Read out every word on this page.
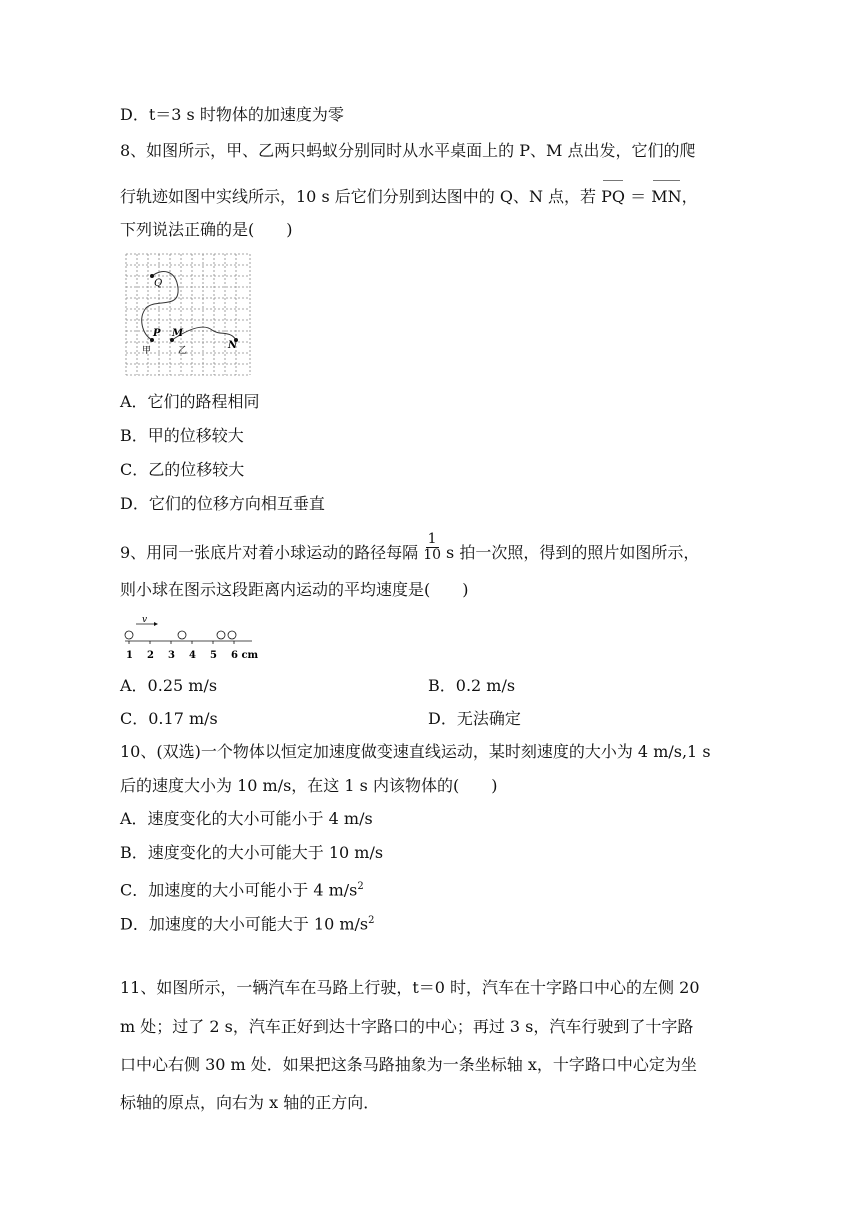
D．t＝3 s 时物体的加速度为零
8、如图所示，甲、乙两只蚂蚁分别同时从水平桌面上的 P、M 点出发，它们的爬
行轨迹如图中实线所示，10 s 后它们分别到达图中的 Q、N 点，若 PQ ＝ MN，
下列说法正确的是(　　)
Q
P M
N
甲	乙
A．它们的路程相同
B．甲的位移较大
C．乙的位移较大
D．它们的位移方向相互垂直
9、用同一张底片对着小球运动的路径每隔 $\frac{1}{10}$ s 拍一次照，得到的照片如图所示，
则小球在图示这段距离内运动的平均速度是(　　)
v
1 2 3 4 5 6 cm
A．0.25 m/s	B．0.2 m/s
C．0.17 m/s	D．无法确定
10、(双选)一个物体以恒定加速度做变速直线运动，某时刻速度的大小为 4 m/s,1 s
后的速度大小为 10 m/s，在这 1 s 内该物体的(　　)
A．速度变化的大小可能小于 4 m/s
B．速度变化的大小可能大于 10 m/s
C．加速度的大小可能小于 4 $m/s^2$
D．加速度的大小可能大于 10 $m/s^2$
11、如图所示，一辆汽车在马路上行驶，t＝0 时，汽车在十字路口中心的左侧 20
m 处；过了 2 s，汽车正好到达十字路口的中心；再过 3 s，汽车行驶到了十字路
口中心右侧 30 m 处．如果把这条马路抽象为一条坐标轴 x，十字路口中心定为坐
标轴的原点，向右为 x 轴的正方向．
